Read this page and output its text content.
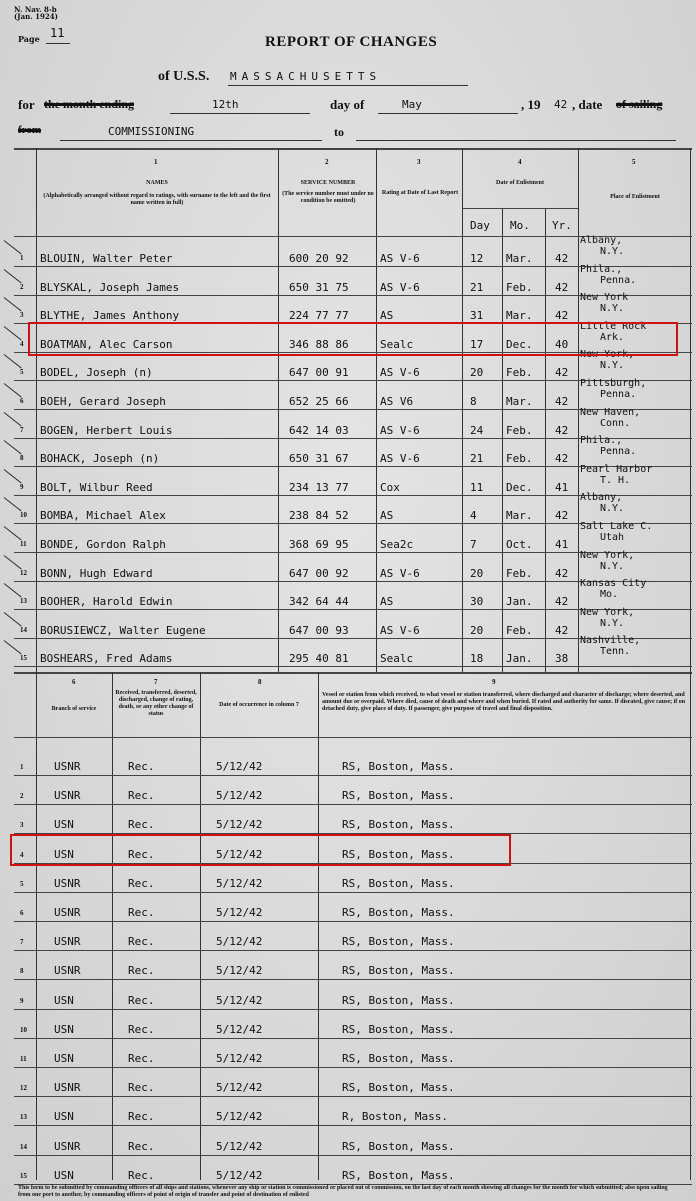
N. Nav. 8-b
(Jan. 1924)
Page 11
REPORT OF CHANGES
of U.S.S. MASSACHUSETTS
for the month ending	12th	day of	May	, 19 42 , date of sailing
from	COMMISSIONING	to
1	2	3	4	5
NAMES
(Alphabetically arranged without regard to ratings, with surname to the left and the first name written in full)
SERVICE NUMBER
(The service number must under no condition be omitted)
Rating at Date of Last Report
Date of Enlistment
Day Mo. Yr.
Place of Enlistment
1 BLOUIN, Walter Peter	600 20 92	AS V-6	12 Mar. 42
Albany,
N.Y.
2 BLYSKAL, Joseph James	650 31 75	AS V-6	21 Feb. 42
Phila.,
Penna.
3 BLYTHE, James Anthony	224 77 77	AS	31 Mar. 42
New York
N.Y.
4 BOATMAN, Alec Carson	346 88 86	Sealc	17 Dec. 40
Little Rock
Ark.
5 BODEL, Joseph (n)	647 00 91	AS V-6	20 Feb. 42
New York,
N.Y.
6 BOEH, Gerard Joseph	652 25 66	AS V6	8	Mar. 42
Pittsburgh,
Penna.
7 BOGEN, Herbert Louis	642 14 03	AS V-6	24 Feb. 42
New Haven,
Conn.
8 BOHACK, Joseph (n)	650 31 67	AS V-6	21 Feb. 42
Phila.,
Penna.
9 BOLT, Wilbur Reed	234 13 77	Cox	11 Dec. 41
Pearl Harbor
T. H.
10 BOMBA, Michael Alex	238 84 52	AS	4	Mar. 42
Albany,
N.Y.
11 BONDE, Gordon Ralph	368 69 95	Sea2c	7	Oct. 41
Salt Lake C.
Utah
12 BONN, Hugh Edward	647 00 92	AS V-6	20 Feb. 42
New York,
N.Y.
13 BOOHER, Harold Edwin	342 64 44	AS	30 Jan. 42
Kansas City
Mo.
14 BORUSIEWCZ, Walter Eugene	647 00 93	AS V-6	20 Feb. 42
New York,
N.Y.
15 BOSHEARS, Fred Adams	295 40 81	Sealc	18 Jan. 38
Nashville,
Tenn.
6	7	8	9
Branch of service
Received, transferred, deserted, discharged, change of rating, death, or any other change of status
Date of occurrence in column 7
Vessel or station from which received, to what vessel or station transferred, where discharged and character of discharge; where deserted, and amount due or overpaid. Where died, cause of death and where and when buried. If rated and authority for same. If disrated, give cause; if on detached duty, give place of duty. If passenger, give purpose of travel and final disposition.
1	USNR	Rec.	5/12/42	RS, Boston, Mass.
2	USNR	Rec.	5/12/42	RS, Boston, Mass.
3	USN	Rec.	5/12/42	RS, Boston, Mass.
4	USN	Rec.	5/12/42	RS, Boston, Mass.
5	USNR	Rec.	5/12/42	RS, Boston, Mass.
6	USNR	Rec.	5/12/42	RS, Boston, Mass.
7	USNR	Rec.	5/12/42	RS, Boston, Mass.
8	USNR	Rec.	5/12/42	RS, Boston, Mass.
9	USN	Rec.	5/12/42	RS, Boston, Mass.
10 USN	Rec.	5/12/42	RS, Boston, Mass.
11 USN	Rec.	5/12/42	RS, Boston, Mass.
12 USNR	Rec.	5/12/42	RS, Boston, Mass.
13 USN	Rec.	5/12/42	R, Boston, Mass.
14 USNR	Rec.	5/12/42	RS, Boston, Mass.
15 USN	Rec.	5/12/42	RS, Boston, Mass.
This form to be submitted by commanding officers of all ships and stations, whenever any ship or station is commissioned or placed out of commission, on the last day of each month showing all changes for the month for which submitted; also upon sailing from one port to another, by commanding officers of point of origin of transfer and point of destination of enlisted
